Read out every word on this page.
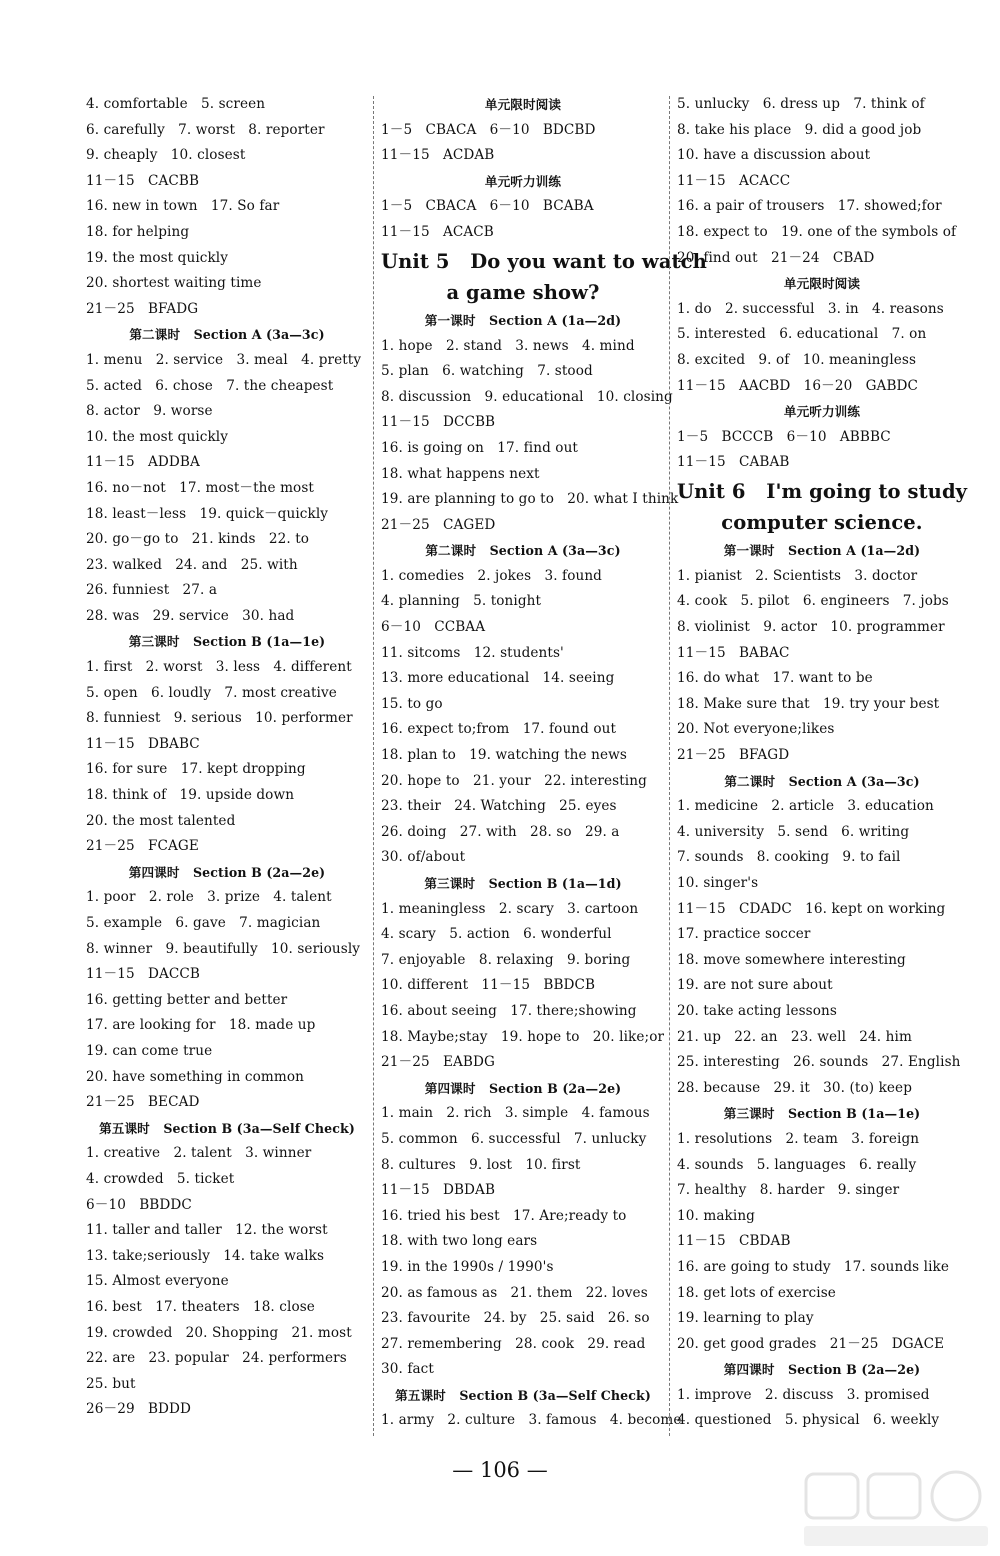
4. comfortable   5. screen
6. carefully   7. worst   8. reporter
9. cheaply   10. closest
11－15   CACBB
16. new in town   17. So far
18. for helping
19. the most quickly
20. shortest waiting time
21－25   BFADG
第二课时   Section A (3a—3c)
1. menu   2. service   3. meal   4. pretty
5. acted   6. chose   7. the cheapest
8. actor   9. worse
10. the most quickly
11－15   ADDBA
16. no－not   17. most－the most
18. least－less   19. quick－quickly
20. go－go to   21. kinds   22. to
23. walked   24. and   25. with
26. funniest   27. a
28. was   29. service   30. had
第三课时   Section B (1a—1e)
1. first   2. worst   3. less   4. different
5. open   6. loudly   7. most creative
8. funniest   9. serious   10. performer
11－15   DBABC
16. for sure   17. kept dropping
18. think of   19. upside down
20. the most talented
21－25   FCAGE
第四课时   Section B (2a—2e)
1. poor   2. role   3. prize   4. talent
5. example   6. gave   7. magician
8. winner   9. beautifully   10. seriously
11－15   DACCB
16. getting better and better
17. are looking for   18. made up
19. can come true
20. have something in common
21－25   BECAD
第五课时   Section B (3a—Self Check)
1. creative   2. talent   3. winner
4. crowded   5. ticket
6－10   BBDDC
11. taller and taller   12. the worst
13. take;seriously   14. take walks
15. Almost everyone
16. best   17. theaters   18. close
19. crowded   20. Shopping   21. most
22. are   23. popular   24. performers
25. but
26－29   BDDD
单元限时阅读
1－5   CBACA   6－10   BDCBD
11－15   ACDAB
单元听力训练
1－5   CBACA   6－10   BCABA
11－15   ACACB
Unit 5   Do you want to watch
a game show?
第一课时   Section A (1a—2d)
1. hope   2. stand   3. news   4. mind
5. plan   6. watching   7. stood
8. discussion   9. educational   10. closing
11－15   DCCBB
16. is going on   17. find out
18. what happens next
19. are planning to go to   20. what I think
21－25   CAGED
第二课时   Section A (3a—3c)
1. comedies   2. jokes   3. found
4. planning   5. tonight
6－10   CCBAA
11. sitcoms   12. students'
13. more educational   14. seeing
15. to go
16. expect to;from   17. found out
18. plan to   19. watching the news
20. hope to   21. your   22. interesting
23. their   24. Watching   25. eyes
26. doing   27. with   28. so   29. a
30. of/about
第三课时   Section B (1a—1d)
1. meaningless   2. scary   3. cartoon
4. scary   5. action   6. wonderful
7. enjoyable   8. relaxing   9. boring
10. different   11－15   BBDCB
16. about seeing   17. there;showing
18. Maybe;stay   19. hope to   20. like;or
21－25   EABDG
第四课时   Section B (2a—2e)
1. main   2. rich   3. simple   4. famous
5. common   6. successful   7. unlucky
8. cultures   9. lost   10. first
11－15   DBDAB
16. tried his best   17. Are;ready to
18. with two long ears
19. in the 1990s / 1990's
20. as famous as   21. them   22. loves
23. favourite   24. by   25. said   26. so
27. remembering   28. cook   29. read
30. fact
第五课时   Section B (3a—Self Check)
1. army   2. culture   3. famous   4. become
5. unlucky   6. dress up   7. think of
8. take his place   9. did a good job
10. have a discussion about
11－15   ACACC
16. a pair of trousers   17. showed;for
18. expect to   19. one of the symbols of
20. find out   21－24   CBAD
单元限时阅读
1. do   2. successful   3. in   4. reasons
5. interested   6. educational   7. on
8. excited   9. of   10. meaningless
11－15   AACBD   16－20   GABDC
单元听力训练
1－5   BCCCB   6－10   ABBBC
11－15   CABAB
Unit 6   I'm going to study
computer science.
第一课时   Section A (1a—2d)
1. pianist   2. Scientists   3. doctor
4. cook   5. pilot   6. engineers   7. jobs
8. violinist   9. actor   10. programmer
11－15   BABAC
16. do what   17. want to be
18. Make sure that   19. try your best
20. Not everyone;likes
21－25   BFAGD
第二课时   Section A (3a—3c)
1. medicine   2. article   3. education
4. university   5. send   6. writing
7. sounds   8. cooking   9. to fail
10. singer's
11－15   CDADC   16. kept on working
17. practice soccer
18. move somewhere interesting
19. are not sure about
20. take acting lessons
21. up   22. an   23. well   24. him
25. interesting   26. sounds   27. English
28. because   29. it   30. (to) keep
第三课时   Section B (1a—1e)
1. resolutions   2. team   3. foreign
4. sounds   5. languages   6. really
7. healthy   8. harder   9. singer
10. making
11－15   CBDAB
16. are going to study   17. sounds like
18. get lots of exercise
19. learning to play
20. get good grades   21－25   DGACE
第四课时   Section B (2a—2e)
1. improve   2. discuss   3. promised
4. questioned   5. physical   6. weekly
— 106 —
